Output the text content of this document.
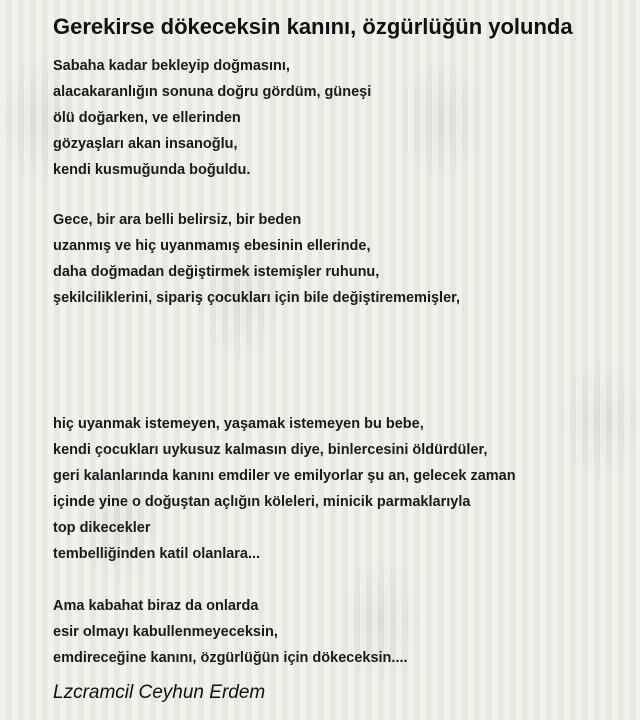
Gerekirse dökeceksin kanını, özgürlüğün yolunda
Sabaha kadar bekleyip doğmasını,
alacakaranlığın sonuna doğru gördüm, güneşi
ölü doğarken, ve ellerinden
gözyaşları akan insanoğlu,
kendi kusmuğunda boğuldu.
Gece, bir ara belli belirsiz, bir beden
uzanmış ve hiç uyanmamış ebesinin ellerinde,
daha doğmadan değiştirmek istemişler ruhunu,
şekilciliklerini, sipariş çocukları için bile değiştirememişler,
hiç uyanmak istemeyen, yaşamak istemeyen bu bebe,
kendi çocukları uykusuz kalmasın diye, binlercesini öldürdüler,
geri kalanlarında kanını emdiler ve emilyorlar şu an, gelecek zaman
içinde yine o doğuştan açlığın köleleri, minicik parmaklarıyla
top dikecekler
tembelliğinden katil olanlara...
Ama kabahat biraz da onlarda
esir olmayı kabullenmeyeceksin,
emdireceğine kanını, özgürlüğün için dökeceksin....
Lzcramcil Ceyhun Erdem
